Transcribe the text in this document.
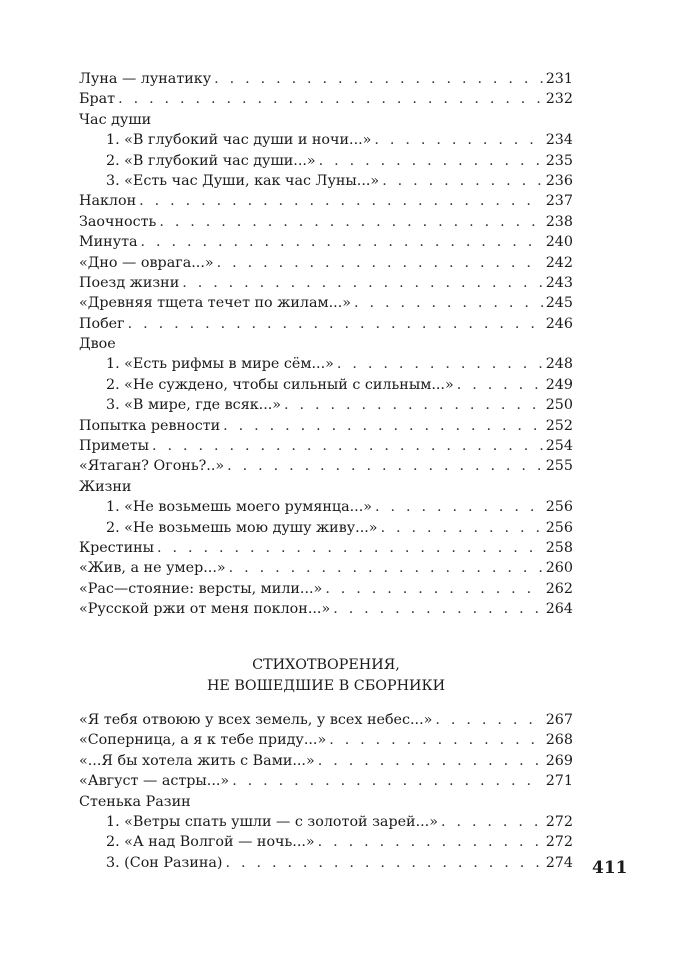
Луна — лунатику . . .	231
Брат . . .	232
Час души
1. «В глубокий час души и ночи...» . . .	234
2. «В глубокий час души...» . . .	235
3. «Есть час Души, как час Луны...» . . .	236
Наклон . . .	237
Заочность . . .	238
Минута . . .	240
«Дно — оврага...» . . .	242
Поезд жизни . . .	243
«Древняя тщета течет по жилам...» . . .	245
Побег . . .	246
Двое
1. «Есть рифмы в мире сём...» . . .	248
2. «Не суждено, чтобы сильный с сильным...» . . .	249
3. «В мире, где всяк...» . . .	250
Попытка ревности . . .	252
Приметы . . .	254
«Ятаган? Огонь?..» . . .	255
Жизни
1. «Не возьмешь моего румянца...» . . .	256
2. «Не возьмешь мою душу живу...» . . .	256
Крестины . . .	258
«Жив, а не умер...» . . .	260
«Рас—стояние: версты, мили...» . . .	262
«Русской ржи от меня поклон...» . . .	264
СТИХОТВОРЕНИЯ,
НЕ ВОШЕДШИЕ В СБОРНИКИ
«Я тебя отвоюю у всех земель, у всех небес...» . . .	267
«Соперница, а я к тебе приду...» . . .	268
«...Я бы хотела жить с Вами...» . . .	269
«Август — астры...» . . .	271
Стенька Разин
1. «Ветры спать ушли — с золотой зарей...» . . .	272
2. «А над Волгой — ночь...» . . .	272
3. (Сон Разина) . . .	274 411
